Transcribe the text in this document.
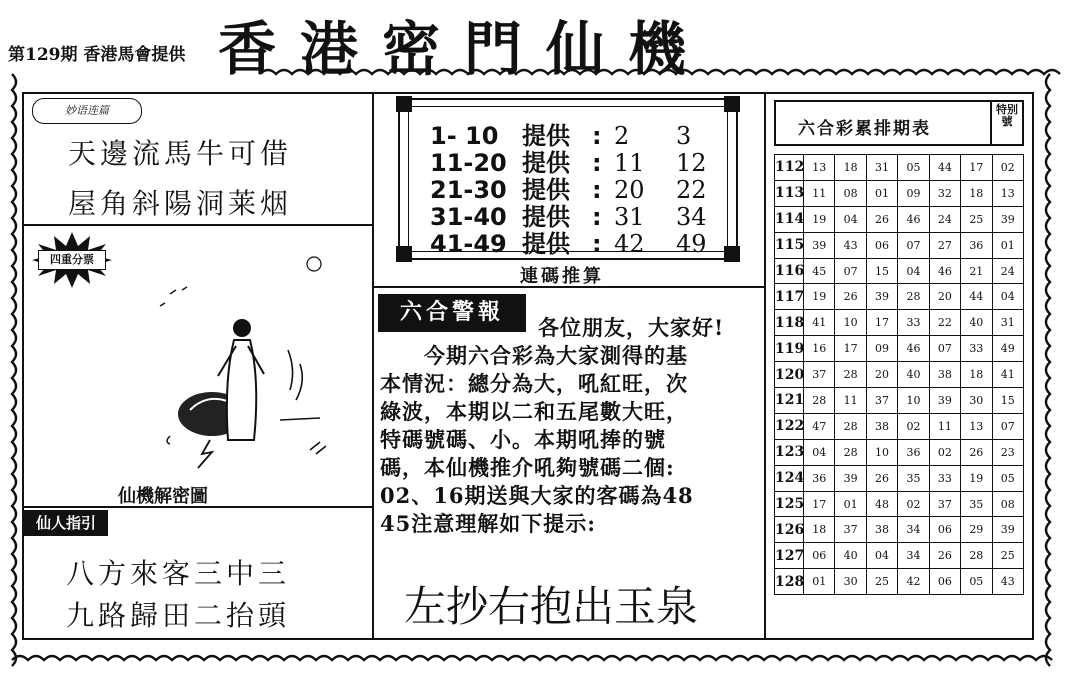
第129期 香港馬會提供 香港密門仙機
妙语连篇
天邊流馬牛可借
屋角斜陽洞莱烟
四重分票
仙機解密圖
仙人指引
八方來客三中三
九路歸田二抬頭
1- 10 提供 : 2 3
11-20 提供 : 11 12
21-30 提供 : 20 22
31-40 提供 : 31 34
41-49 提供 : 42 49
連碼推算
六合警報
各位朋友，大家好!
今期六合彩為大家測得的基
本情況：總分為大，吼紅旺，次
綠波，本期以二和五尾數大旺，
特碼號碼、小。本期吼捧的號
碼，本仙機推介吼夠號碼二個:
02、16期送與大家的客碼為48
45注意理解如下提示:
左抄右抱出玉泉
六合彩累排期表
特别號
112	13	18	31	05	44	17	02
113	11	08	01	09	32	18	13
114	19	04	26	46	24	25	39
115	39	43	06	07	27	36	01
116	45	07	15	04	46	21	24
117	19	26	39	28	20	44	04
118	41	10	17	33	22	40	31
119	16	17	09	46	07	33	49
120	37	28	20	40	38	18	41
121	28	11	37	10	39	30	15
122	47	28	38	02	11	13	07
123	04	28	10	36	02	26	23
124	36	39	26	35	33	19	05
125	17	01	48	02	37	35	08
126	18	37	38	34	06	29	39
127	06	40	04	34	26	28	25
128	01	30	25	42	06	05	43
